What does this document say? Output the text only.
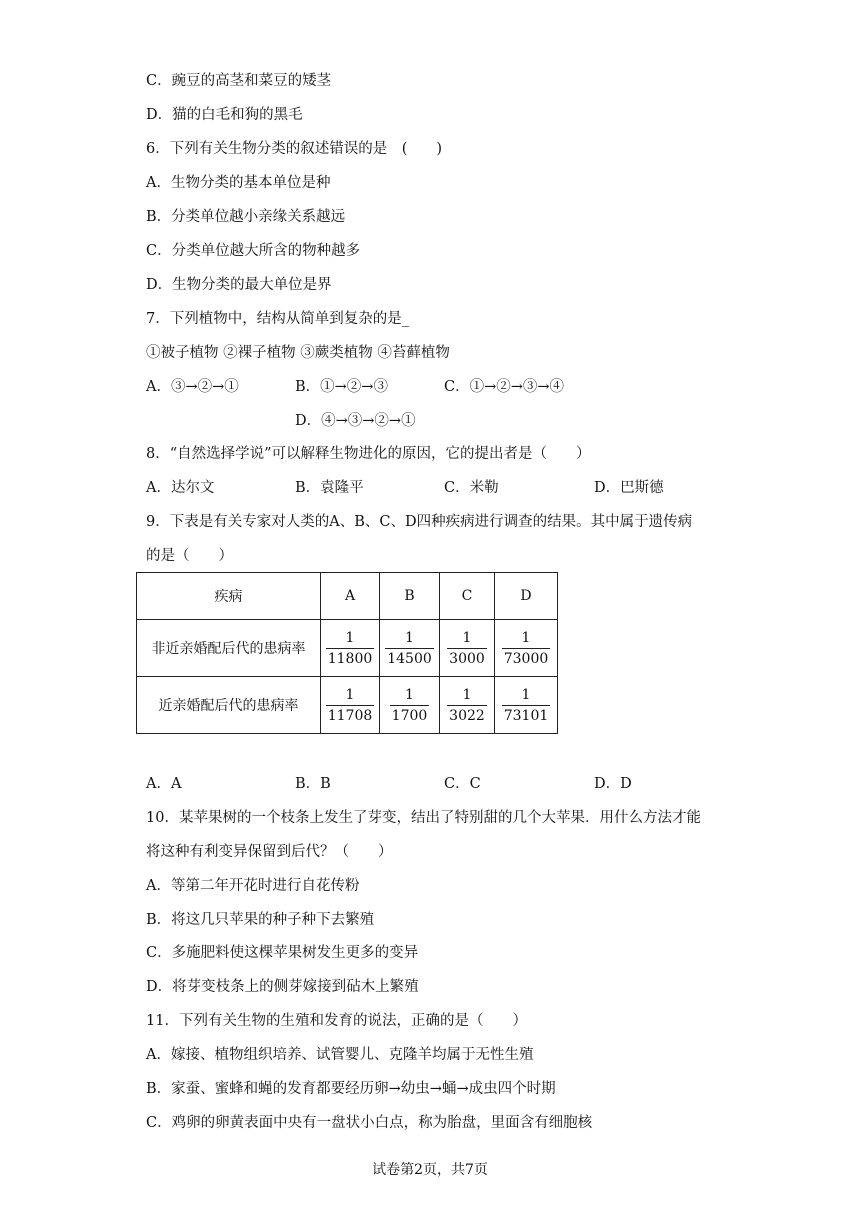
C．豌豆的高茎和菜豆的矮茎
D．猫的白毛和狗的黑毛
6．下列有关生物分类的叙述错误的是　(　　)
A．生物分类的基本单位是种
B．分类单位越小亲缘关系越远
C．分类单位越大所含的物种越多
D．生物分类的最大单位是界
7．下列植物中，结构从简单到复杂的是_
①被子植物 ②裸子植物 ③蕨类植物 ④苔藓植物
A．③→②→①	B．①→②→③	C．①→②→③→④
D．④→③→②→①
8．“自然选择学说”可以解释生物进化的原因，它的提出者是（　　）
A．达尔文	B．袁隆平	C．米勒	D．巴斯德
9．下表是有关专家对人类的A、B、C、D四种疾病进行调查的结果。其中属于遗传病
的是（　　）
疾病	A	B	C	D
非近亲婚配后代的患病率	$\frac{1}{11800}$	$\frac{1}{14500}$	$\frac{1}{3000}$	$\frac{1}{73000}$

近亲婚配后代的患病率	$\frac{1}{11708}$	$\frac{1}{1700}$	$\frac{1}{3022}$	$\frac{1}{73101}$
A．A	B．B	C．C	D．D
10．某苹果树的一个枝条上发生了芽变，结出了特别甜的几个大苹果．用什么方法才能
将这种有利变异保留到后代？（　　）
A．等第二年开花时进行自花传粉
B．将这几只苹果的种子种下去繁殖
C．多施肥料使这棵苹果树发生更多的变异
D．将芽变枝条上的侧芽嫁接到砧木上繁殖
11．下列有关生物的生殖和发育的说法，正确的是（　　）
A．嫁接、植物组织培养、试管婴儿、克隆羊均属于无性生殖
B．家蚕、蜜蜂和蝇的发育都要经历卵→幼虫→蛹→成虫四个时期
C．鸡卵的卵黄表面中央有一盘状小白点，称为胎盘，里面含有细胞核
试卷第2页，共7页
